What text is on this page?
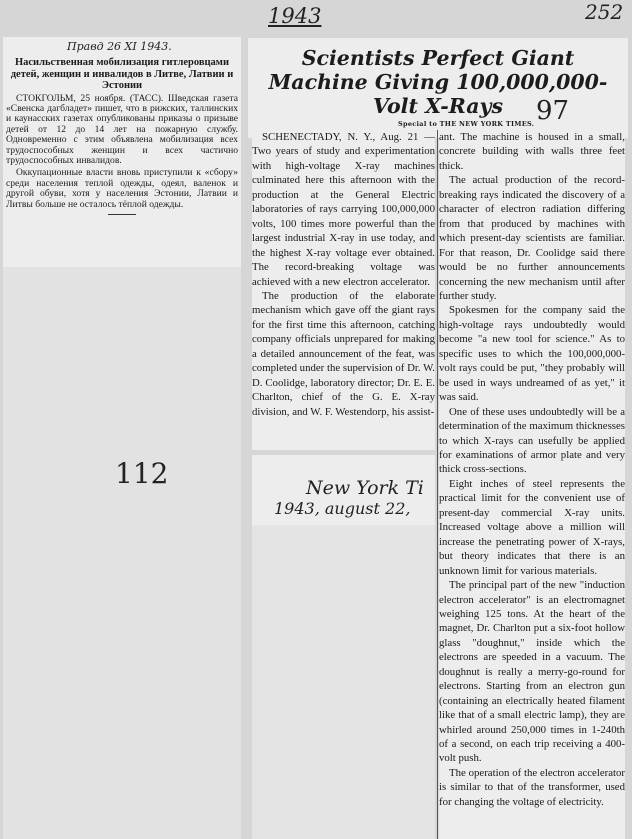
1943	252
Правд 26 XI 1943.

Насильственная мобилизация гитлеровцами детей, женщин и инвалидов в Литве, Латвии и Эстонии

СТОКГОЛЬМ, 25 ноября. (ТАСС). Шведская газета «Свенска дагбладет» пишет, что в рижских, таллинских и каунасских газетах опубликованы приказы о призыве детей от 12 до 14 лет на пожарную службу. Одновременно с этим объявлена мобилизация всех трудоспособных женщин и всех частично трудоспособных инвалидов.

Оккупационные власти вновь приступили к «сбору» среди населения теплой одежды, одеял, валенок и другой обуви, хотя у населения Эстонии, Латвии и Литвы больше не осталось тёплой одежды.

112
Scientists Perfect Giant Machine Giving 100,000,000-Volt X-Rays
Special to THE NEW YORK TIMES. 97

SCHENECTADY, N. Y., Aug. 21 —Two years of study and experimentation with high-voltage X-ray machines culminated here this afternoon with the production at the General Electric laboratories of rays carrying 100,000,000 volts, 100 times more powerful than the largest industrial X-ray in use today, and the highest X-ray voltage ever obtained. The record-breaking voltage was achieved with a new electron accelerator.

The production of the elaborate mechanism which gave off the giant rays for the first time this afternoon, catching company officials unprepared for making a detailed announcement of the feat, was completed under the supervision of Dr. W. D. Coolidge, laboratory director; Dr. E. E. Charlton, chief of the G. E. X-ray division, and W. F. Westendorp, his assist-

ant. The machine is housed in a small, concrete building with walls three feet thick.

The actual production of the record-breaking rays indicated the discovery of a character of electron radiation differing from that produced by machines with which present-day scientists are familiar. For that reason, Dr. Coolidge said there would be no further announcements concerning the new mechanism until after further study.

Spokesmen for the company said the high-voltage rays undoubtedly would become "a new tool for science." As to specific uses to which the 100,000,000-volt rays could be put, "they probably will be used in ways undreamed of as yet," it was said.

One of these uses undoubtedly will be a determination of the maximum thicknesses to which X-rays can usefully be applied for examinations of armor plate and very thick cross-sections.

Eight inches of steel represents the practical limit for the convenient use of present-day commercial X-ray units. Increased voltage above a million will increase the penetrating power of X-rays, but theory indicates that there is an unknown limit for various materials.

The principal part of the new "induction electron accelerator" is an electromagnet weighing 125 tons. At the heart of the magnet, Dr. Charlton put a six-foot hollow glass "doughnut," inside which the electrons are speeded in a vacuum. The doughnut is really a merry-go-round for electrons. Starting from an electron gun (containing an electrically heated filament like that of a small electric lamp), they are whirled around 250,000 times in 1-240th of a second, on each trip receiving a 400-volt push.

The operation of the electron accelerator is similar to that of the transformer, used for changing the voltage of electricity.

New York Ti
1943, august 22,
